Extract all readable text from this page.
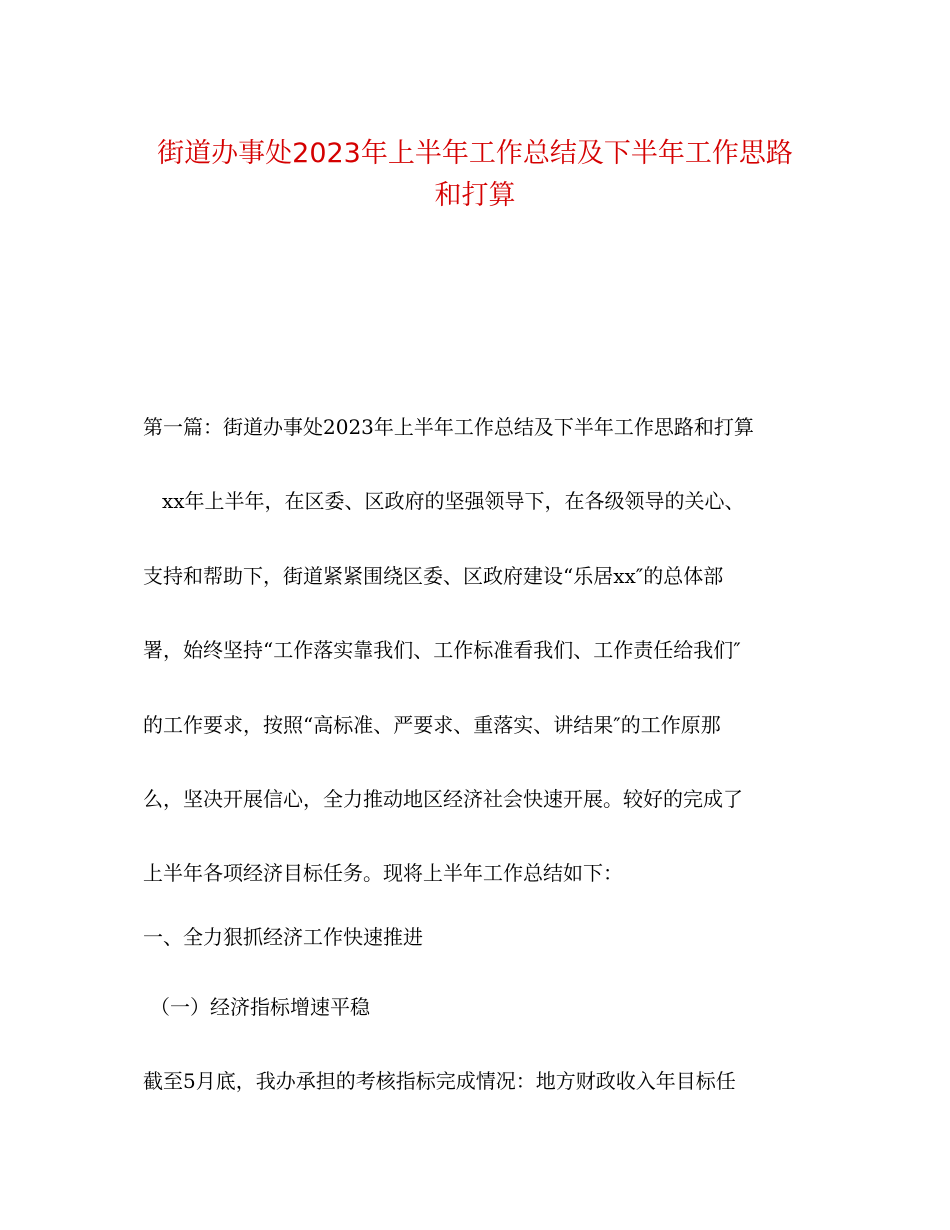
街道办事处2023年上半年工作总结及下半年工作思路
和打算
第一篇：街道办事处2023年上半年工作总结及下半年工作思路和打算
xx年上半年，在区委、区政府的坚强领导下，在各级领导的关心、
支持和帮助下，街道紧紧围绕区委、区政府建设“乐居xx″的总体部
署，始终坚持“工作落实靠我们、工作标准看我们、工作责任给我们″
的工作要求，按照“高标准、严要求、重落实、讲结果″的工作原那
么，坚决开展信心，全力推动地区经济社会快速开展。较好的完成了
上半年各项经济目标任务。现将上半年工作总结如下：
一、全力狠抓经济工作快速推进
（一）经济指标增速平稳
截至5月底，我办承担的考核指标完成情况：地方财政收入年目标任
